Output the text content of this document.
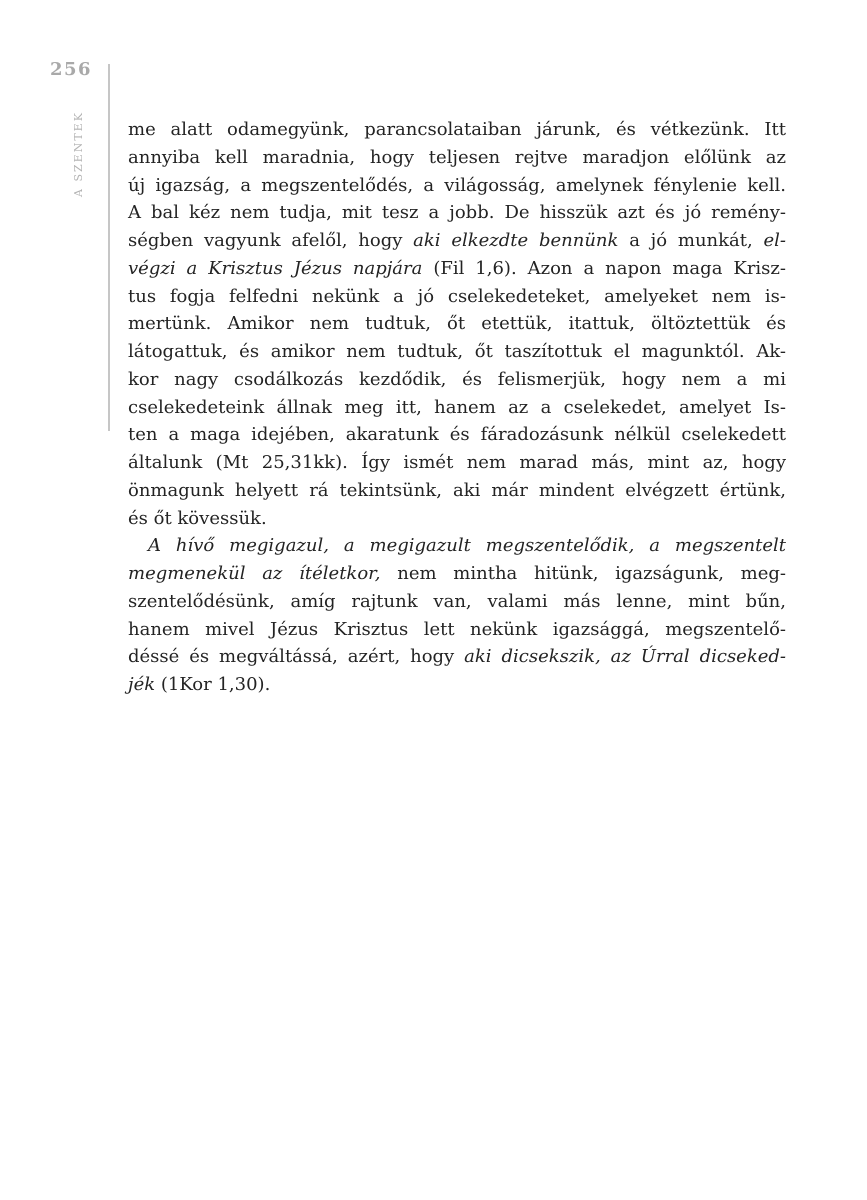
256
A SZENTEK me alatt odamegyünk, parancsolataiban járunk, és vétkezünk. Itt
annyiba kell maradnia, hogy teljesen rejtve maradjon előlünk az
új igazság, a megszentelődés, a világosság, amelynek fénylenie kell.
A bal kéz nem tudja, mit tesz a jobb. De hisszük azt és jó remény-
ségben vagyunk afelől, hogy aki elkezdte bennünk a jó munkát, el-
végzi a Krisztus Jézus napjára (Fil 1,6). Azon a napon maga Krisz-
tus fogja felfedni nekünk a jó cselekedeteket, amelyeket nem is-
mertünk. Amikor nem tudtuk, őt etettük, itattuk, öltöztettük és
látogattuk, és amikor nem tudtuk, őt taszítottuk el magunktól. Ak-
kor nagy csodálkozás kezdődik, és felismerjük, hogy nem a mi
cselekedeteink állnak meg itt, hanem az a cselekedet, amelyet Is-
ten a maga idejében, akaratunk és fáradozásunk nélkül cselekedett
általunk (Mt 25,31kk). Így ismét nem marad más, mint az, hogy
önmagunk helyett rá tekintsünk, aki már mindent elvégzett értünk,
és őt kövessük.
A hívő megigazul, a megigazult megszentelődik, a megszentelt
megmenekül az ítéletkor, nem mintha hitünk, igazságunk, meg-
szentelődésünk, amíg rajtunk van, valami más lenne, mint bűn,
hanem mivel Jézus Krisztus lett nekünk igazsággá, megszentelő-
déssé és megváltássá, azért, hogy aki dicsekszik, az Úrral dicseked-
jék (1Kor 1,30).
